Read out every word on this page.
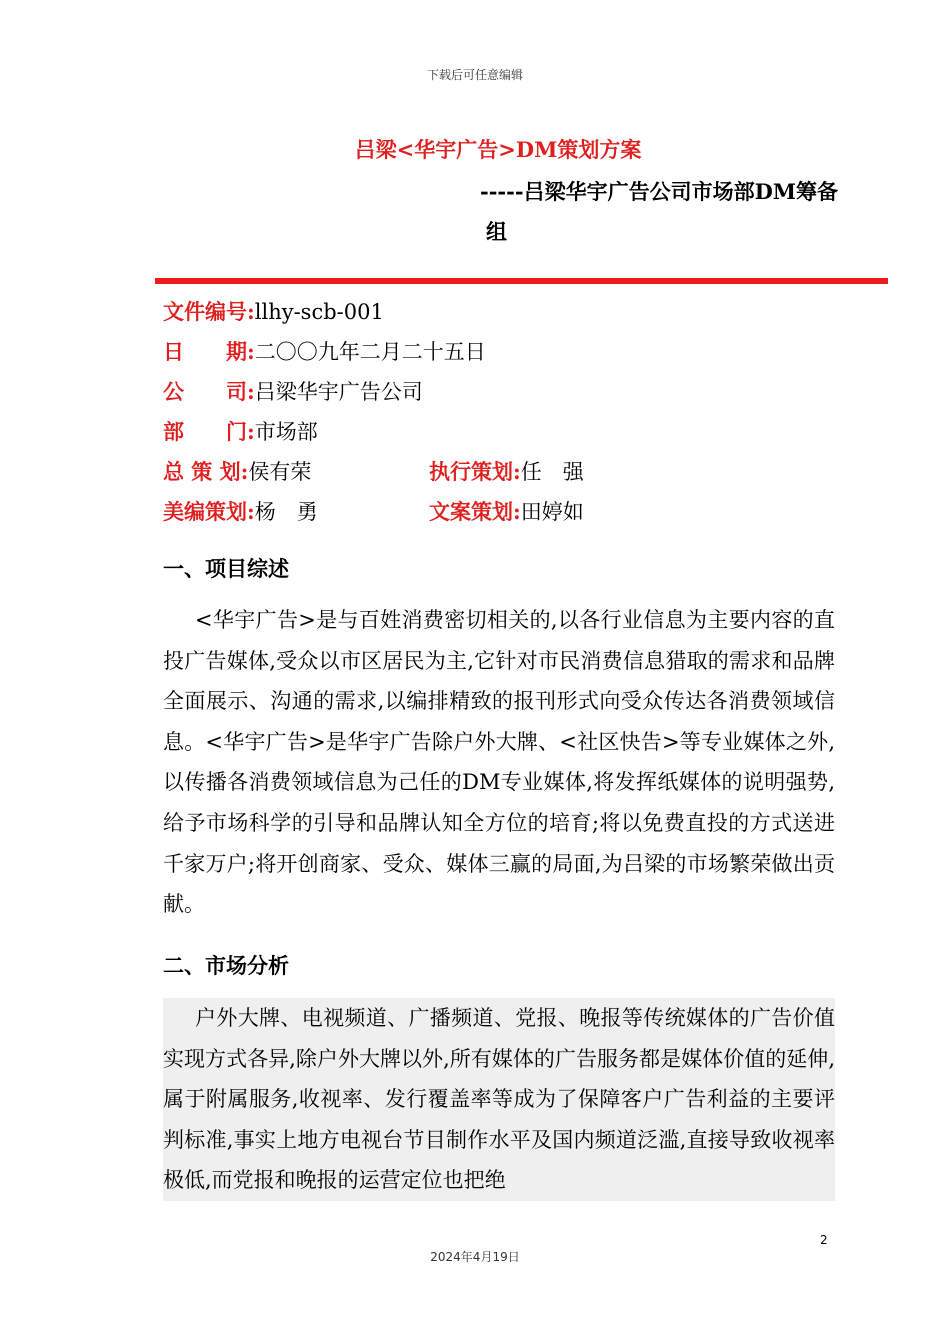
下载后可任意编辑
吕梁<华宇广告>DM策划方案
-----吕梁华宇广告公司市场部DM筹备
组
文件编号:llhy-scb-001
日　　期:二〇〇九年二月二十五日
公　　司:吕梁华宇广告公司
部　　门:市场部
总 策 划:侯有荣	执行策划:任　强
美编策划:杨　勇	文案策划:田婷如
一、项目综述

<华宇广告>是与百姓消费密切相关的,以各行业信息为主要内容的直投广告媒体,受众以市区居民为主,它针对市民消费信息猎取的需求和品牌全面展示、沟通的需求,以编排精致的报刊形式向受众传达各消费领域信息。<华宇广告>是华宇广告除户外大牌、<社区快告>等专业媒体之外,以传播各消费领域信息为己任的DM专业媒体,将发挥纸媒体的说明强势,给予市场科学的引导和品牌认知全方位的培育;将以免费直投的方式送进千家万户;将开创商家、受众、媒体三赢的局面,为吕梁的市场繁荣做出贡献。

二、市场分析

户外大牌、电视频道、广播频道、党报、晚报等传统媒体的广告价值实现方式各异,除户外大牌以外,所有媒体的广告服务都是媒体价值的延伸,属于附属服务,收视率、发行覆盖率等成为了保障客户广告利益的主要评判标准,事实上地方电视台节目制作水平及国内频道泛滥,直接导致收视率极低,而党报和晚报的运营定位也把绝

2
2024年4月19日
